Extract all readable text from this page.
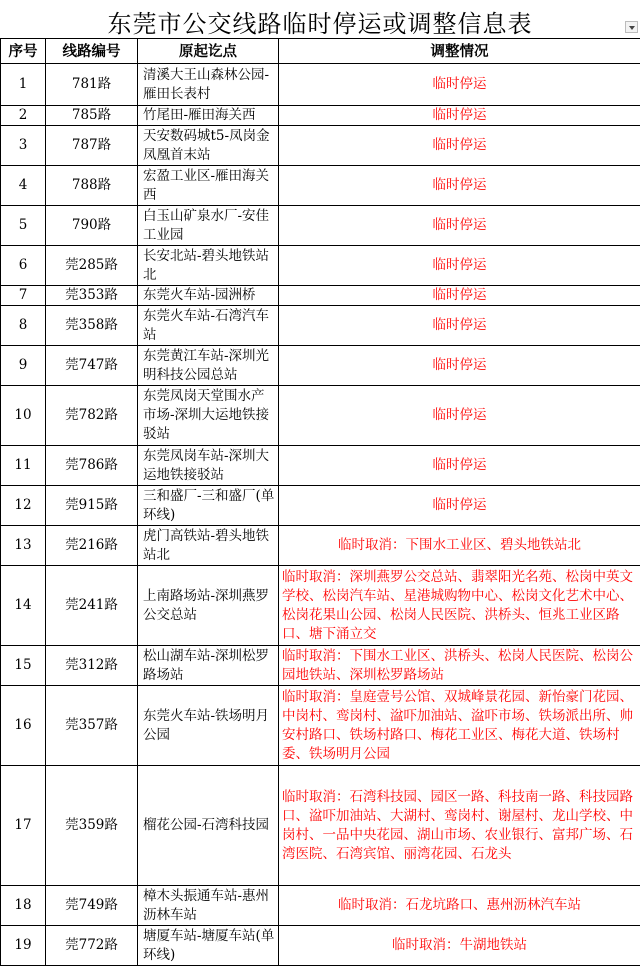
东莞市公交线路临时停运或调整信息表
序号	线路编号	原起讫点	调整情况
1	781路	清溪大王山森林公园-雁田长表村	临时停运
2	785路	竹尾田-雁田海关西	临时停运
3	787路	天安数码城t5-凤岗金凤凰首末站	临时停运
4	788路	宏盈工业区-雁田海关西	临时停运
5	790路	白玉山矿泉水厂-安佳工业园	临时停运
6	莞285路	长安北站-碧头地铁站北	临时停运
7	莞353路	东莞火车站-园洲桥	临时停运
8	莞358路	东莞火车站-石湾汽车站	临时停运
9	莞747路	东莞黄江车站-深圳光明科技公园总站	临时停运
10	莞782路	东莞凤岗天堂围水产市场-深圳大运地铁接驳站	临时停运
11	莞786路	东莞凤岗车站-深圳大运地铁接驳站	临时停运
12	莞915路	三和盛厂-三和盛厂(单环线)	临时停运
13	莞216路	虎门高铁站-碧头地铁站北	临时取消：下围水工业区、碧头地铁站北
14	莞241路	上南路场站-深圳燕罗公交总站	临时取消：深圳燕罗公交总站、翡翠阳光名苑、松岗中英文学校、松岗汽车站、星港城购物中心、松岗文化艺术中心、松岗花果山公园、松岗人民医院、洪桥头、恒兆工业区路口、塘下涌立交
15	莞312路	松山湖车站-深圳松罗路场站	临时取消：下围水工业区、洪桥头、松岗人民医院、松岗公园地铁站、深圳松罗路场站
16	莞357路	东莞火车站-铁场明月公园	临时取消：皇庭壹号公馆、双城峰景花园、新怡豪门花园、中岗村、鸾岗村、湓吓加油站、湓吓市场、铁场派出所、帅安村路口、铁场村路口、梅花工业区、梅花大道、铁场村委、铁场明月公园
17	莞359路	榴花公园-石湾科技园	临时取消：石湾科技园、园区一路、科技南一路、科技园路口、湓吓加油站、大湖村、鸾岗村、谢屋村、龙山学校、中岗村、一品中央花园、湖山市场、农业银行、富邦广场、石湾医院、石湾宾馆、丽湾花园、石龙头
18	莞749路	樟木头振通车站-惠州沥林车站	临时取消：石龙坑路口、惠州沥林汽车站
19	莞772路	塘厦车站-塘厦车站(单环线)	临时取消：牛湖地铁站
